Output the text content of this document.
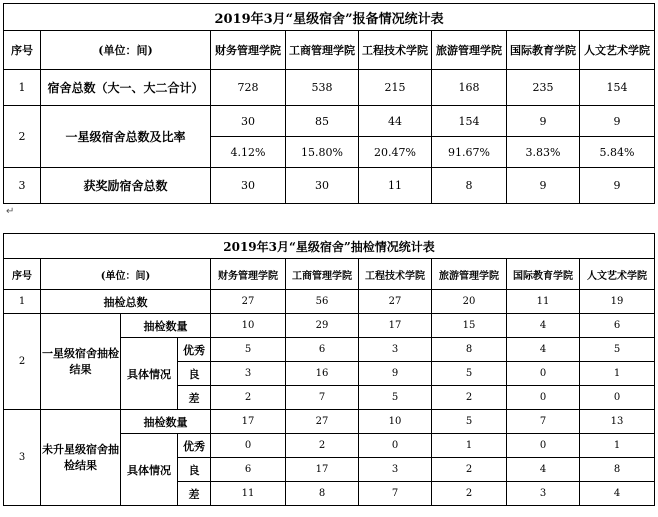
2019年3月“星级宿舍”报备情况统计表							
序号	(单位：间)	财务管理学院	工商管理学院	工程技术学院	旅游管理学院	国际教育学院	人文艺术学院
1	宿舍总数（大一、大二合计）	728	538	215	168	235	154
2	一星级宿舍总数及比率	30	85	44	154	9	9
		4.12%	15.80%	20.47%	91.67%	3.83%	5.84%
3	获奖励宿舍总数	30	30	11	8	9	9
↵
2019年3月“星级宿舍”抽检情况统计表									
序号	(单位：间)			财务管理学院	工商管理学院	工程技术学院	旅游管理学院	国际教育学院	人文艺术学院
1	抽检总数			27	56	27	20	11	19
2	一星级宿舍抽检结果	抽检数量		10	29	17	15	4	6
		具体情况	优秀	5	6	3	8	4	5
			良	3	16	9	5	0	1
			差	2	7	5	2	0	0
3	未升星级宿舍抽检结果	抽检数量		17	27	10	5	7	13
		具体情况	优秀	0	2	0	1	0	1
			良	6	17	3	2	4	8
			差	11	8	7	2	3	4
